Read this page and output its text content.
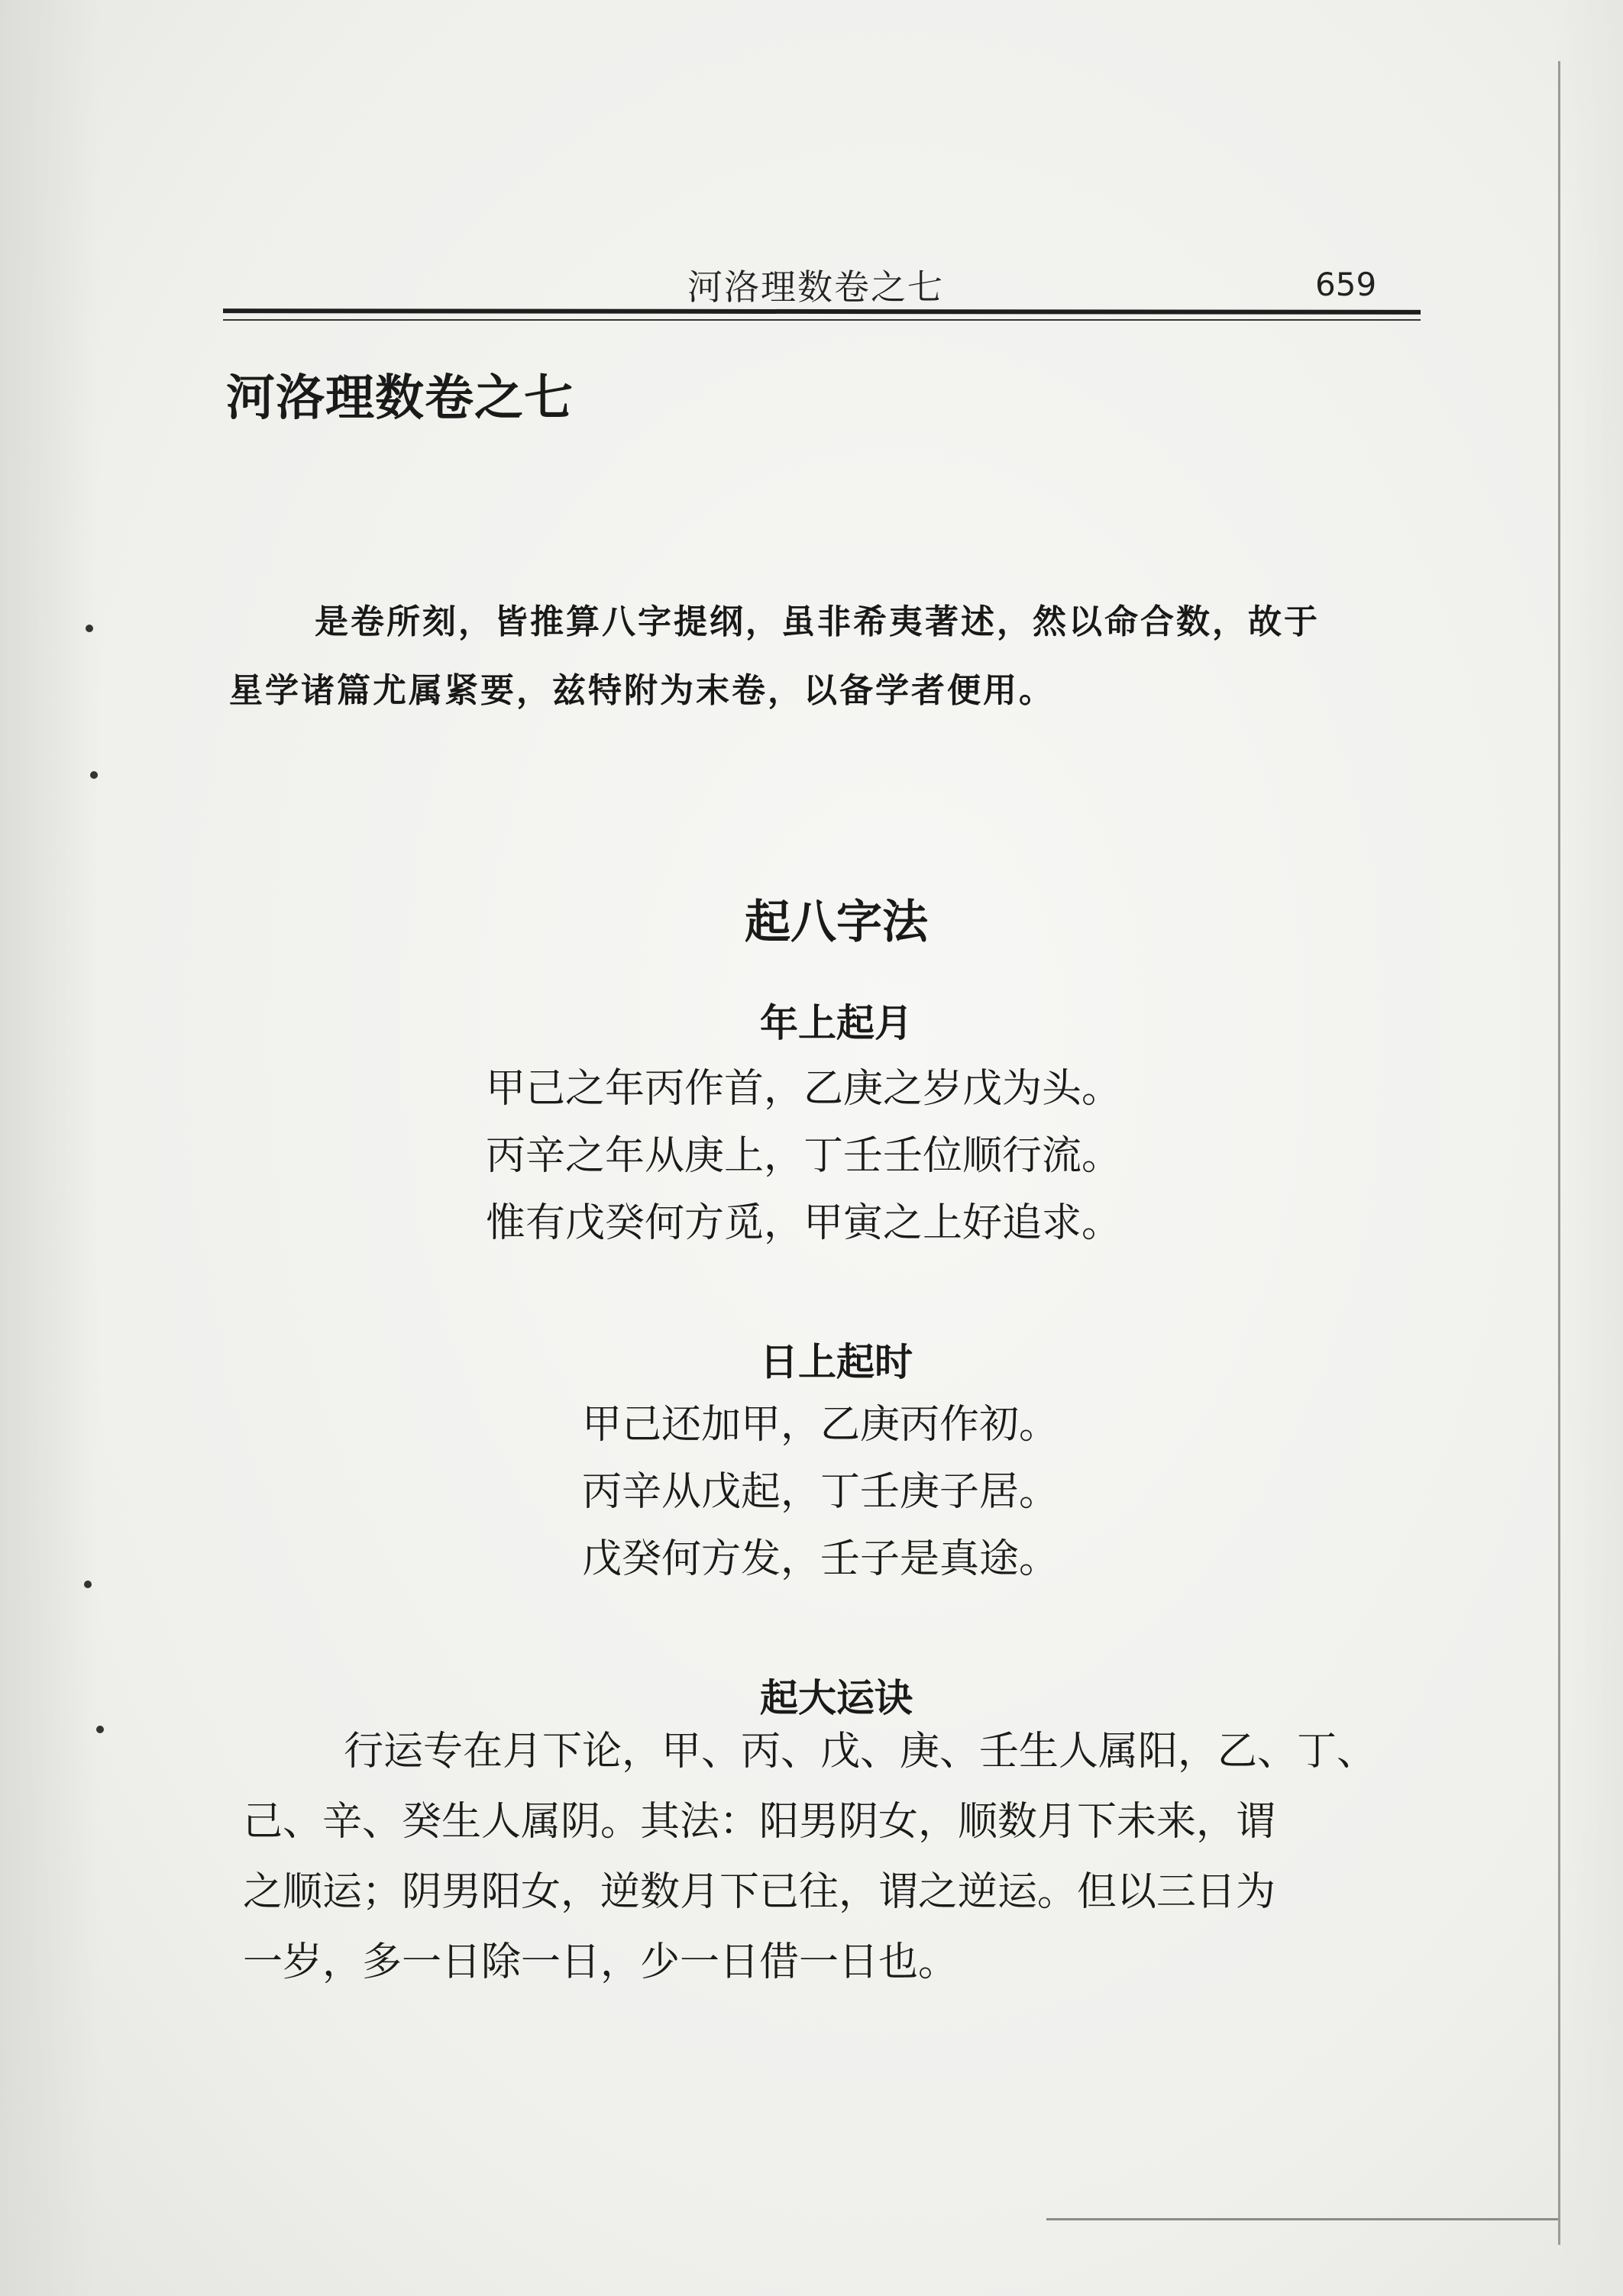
河洛理数卷之七	659
河洛理数卷之七
是卷所刻，皆推算八字提纲，虽非希夷著述，然以命合数，故于
星学诸篇尤属紧要，兹特附为末卷，以备学者便用。
起八字法
年上起月
甲己之年丙作首，乙庚之岁戊为头。
丙辛之年从庚上，丁壬壬位顺行流。
惟有戊癸何方觅，甲寅之上好追求。
日上起时
甲己还加甲，乙庚丙作初。
丙辛从戊起，丁壬庚子居。
戊癸何方发，壬子是真途。
起大运诀
行运专在月下论，甲、丙、戊、庚、壬生人属阳，乙、丁、
己、辛、癸生人属阴。其法：阳男阴女，顺数月下未来，谓
之顺运；阴男阳女，逆数月下已往，谓之逆运。但以三日为
一岁，多一日除一日，少一日借一日也。
